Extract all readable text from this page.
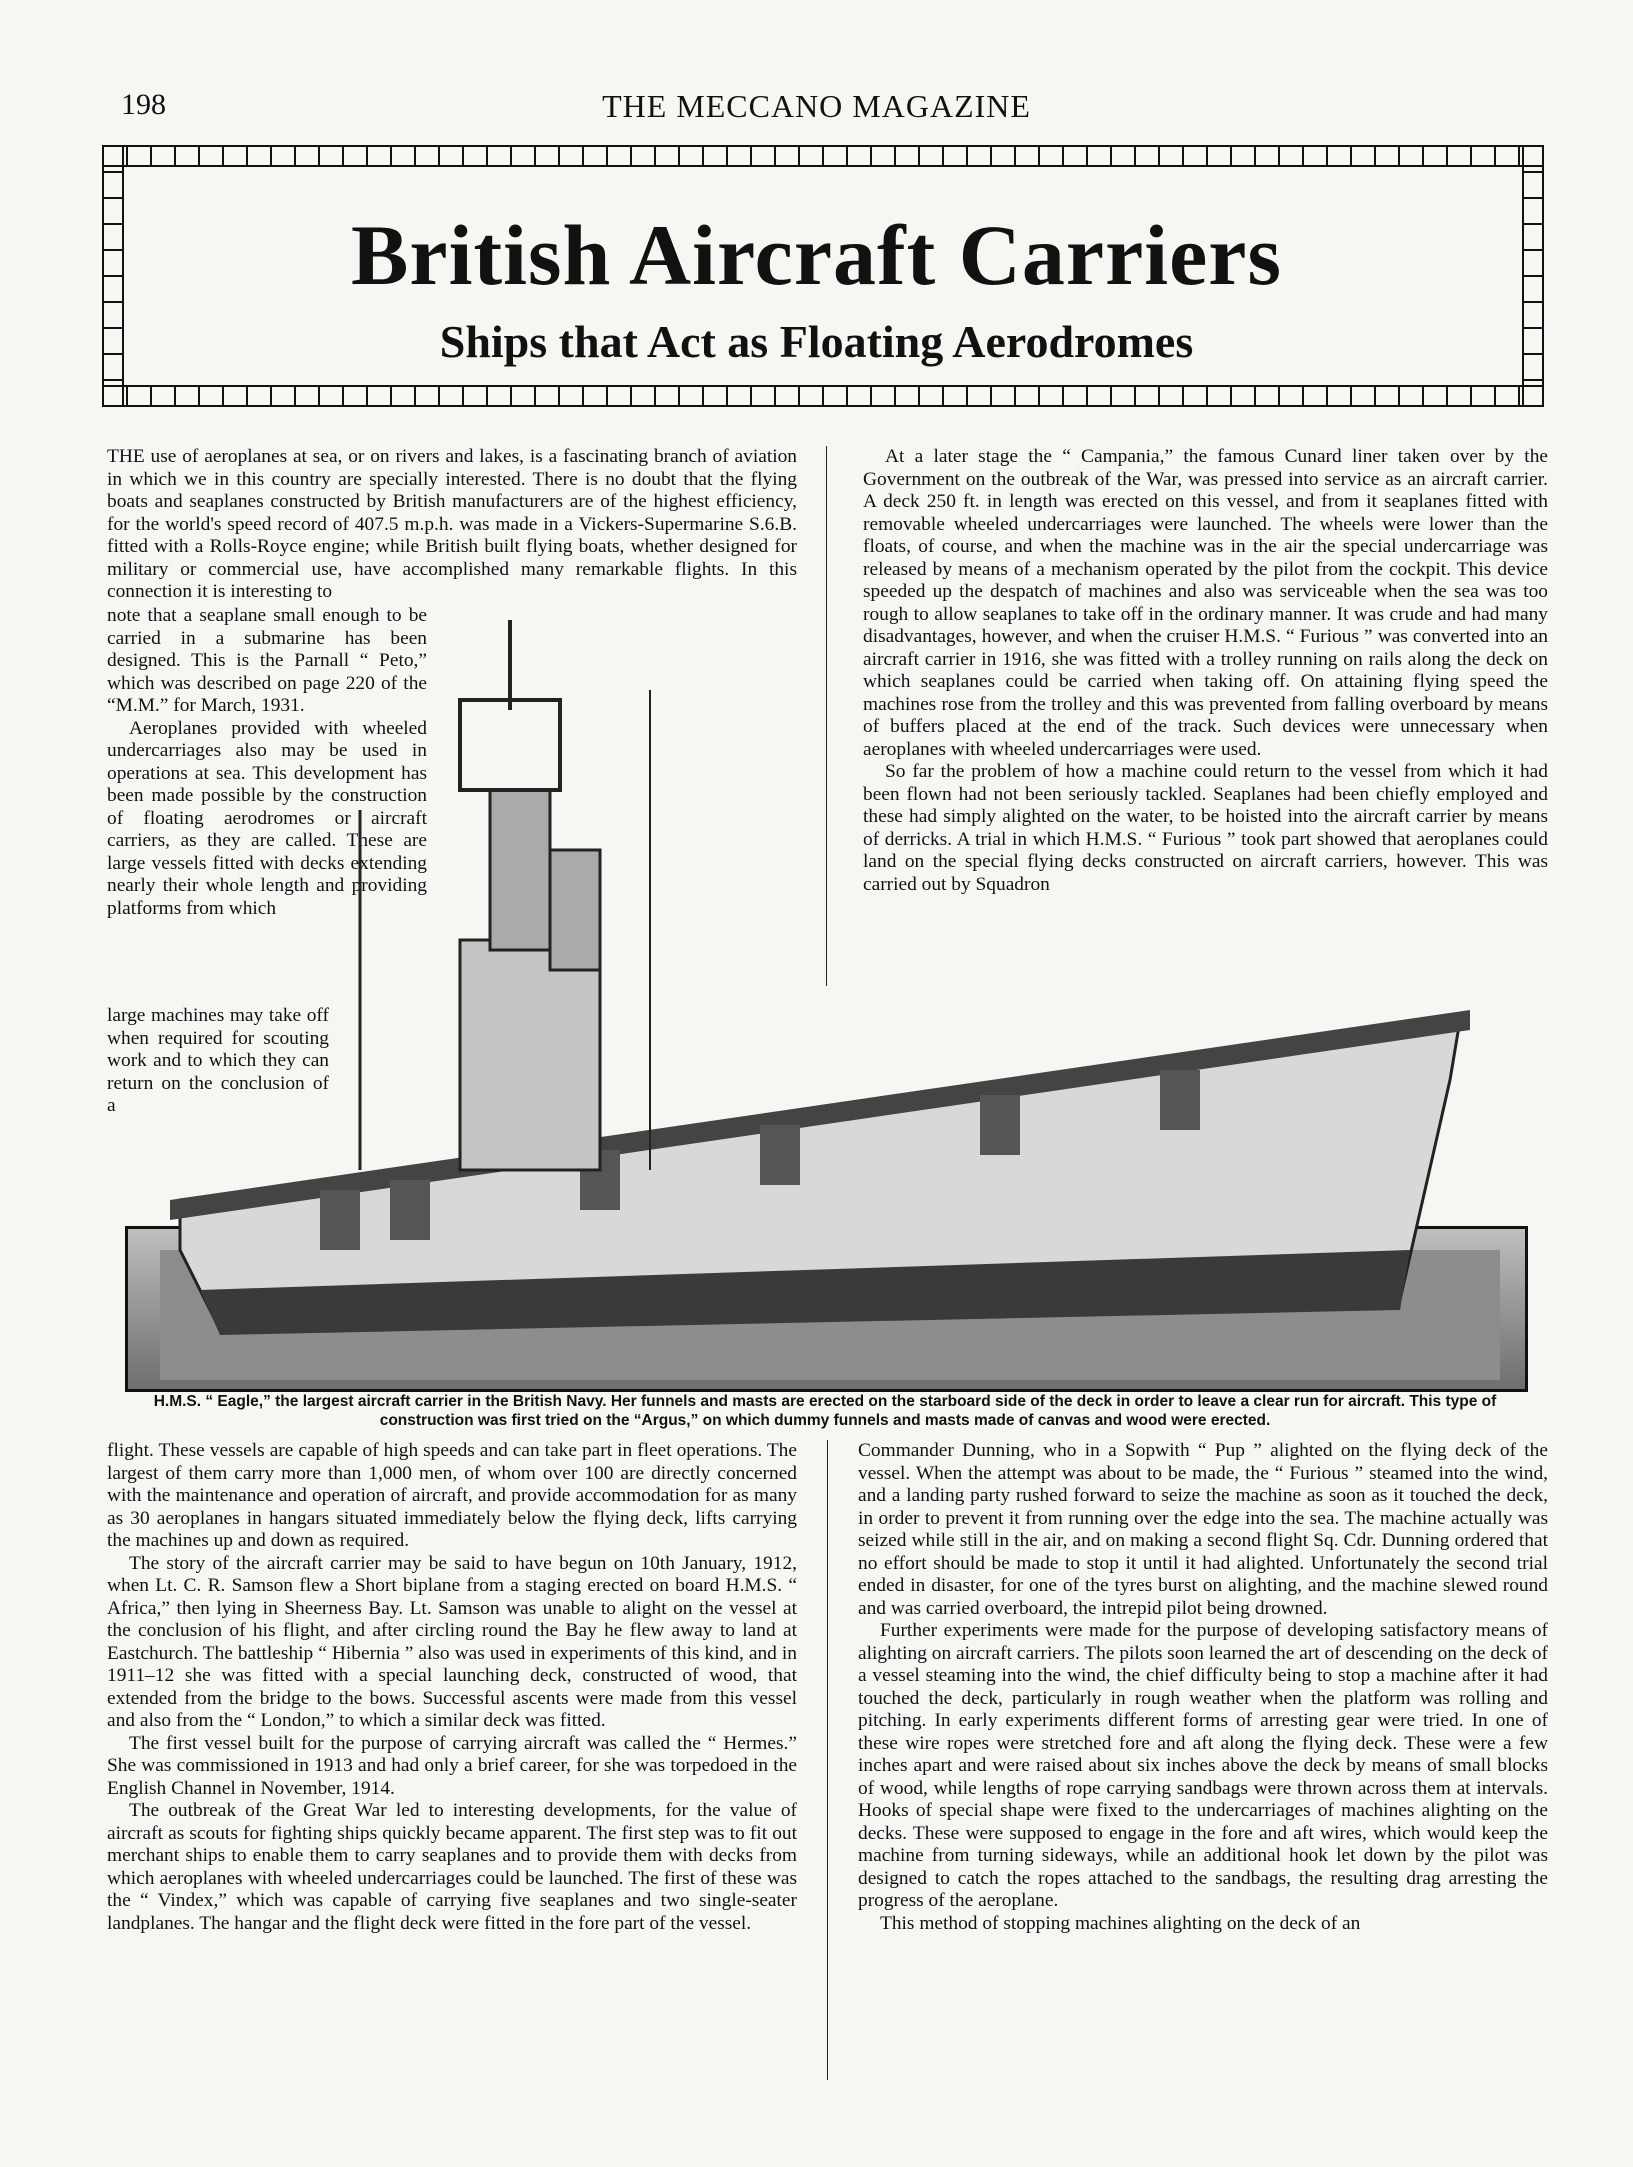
198	THE MECCANO MAGAZINE
British Aircraft Carriers
Ships that Act as Floating Aerodromes

THE use of aeroplanes at sea, or on rivers and lakes, is a fascinating branch of aviation in which we in this country are specially interested. There is no doubt that the flying boats and seaplanes constructed by British manufacturers are of the highest efficiency, for the world's speed record of 407.5 m.p.h. was made in a Vickers-Supermarine S.6.B. fitted with a Rolls-Royce engine; while British built flying boats, whether designed for military or commercial use, have accomplished many remarkable flights. In this connection it is interesting to

note that a seaplane small enough to be carried in a submarine has been designed. This is the Parnall “ Peto,” which was described on page 220 of the “M.M.” for March, 1931.

Aeroplanes provided with wheeled undercarriages also may be used in operations at sea. This development has been made possible by the construction of floating aerodromes or aircraft carriers, as they are called. These are large vessels fitted with decks extending nearly their whole length and providing platforms from which

large machines may take off when required for scouting work and to which they can return on the conclusion of a

At a later stage the “ Campania,” the famous Cunard liner taken over by the Government on the outbreak of the War, was pressed into service as an aircraft carrier. A deck 250 ft. in length was erected on this vessel, and from it seaplanes fitted with removable wheeled undercarriages were launched. The wheels were lower than the floats, of course, and when the machine was in the air the special undercarriage was released by means of a mechanism operated by the pilot from the cockpit. This device speeded up the despatch of machines and also was serviceable when the sea was too rough to allow seaplanes to take off in the ordinary manner. It was crude and had many disadvantages, however, and when the cruiser H.M.S. “ Furious ” was converted into an aircraft carrier in 1916, she was fitted with a trolley running on rails along the deck on which seaplanes could be carried when taking off. On attaining flying speed the machines rose from the trolley and this was prevented from falling overboard by means of buffers placed at the end of the track. Such devices were unnecessary when aeroplanes with wheeled undercarriages were used.

So far the problem of how a machine could return to the vessel from which it had been flown had not been seriously tackled. Seaplanes had been chiefly employed and these had simply alighted on the water, to be hoisted into the aircraft carrier by means of derricks. A trial in which H.M.S. “ Furious ” took part showed that aeroplanes could land on the special flying decks constructed on aircraft carriers, however. This was carried out by Squadron

H.M.S. “ Eagle,” the largest aircraft carrier in the British Navy. Her funnels and masts are erected on the starboard side of the deck in order to leave a clear run for aircraft. This type of construction was first tried on the “Argus,” on which dummy funnels and masts made of canvas and wood were erected.

flight. These vessels are capable of high speeds and can take part in fleet operations. The largest of them carry more than 1,000 men, of whom over 100 are directly concerned with the maintenance and operation of aircraft, and provide accommodation for as many as 30 aeroplanes in hangars situated immediately below the flying deck, lifts carrying the machines up and down as required.

The story of the aircraft carrier may be said to have begun on 10th January, 1912, when Lt. C. R. Samson flew a Short biplane from a staging erected on board H.M.S. “ Africa,” then lying in Sheerness Bay. Lt. Samson was unable to alight on the vessel at the conclusion of his flight, and after circling round the Bay he flew away to land at Eastchurch. The battleship “ Hibernia ” also was used in experiments of this kind, and in 1911–12 she was fitted with a special launching deck, constructed of wood, that extended from the bridge to the bows. Successful ascents were made from this vessel and also from the “ London,” to which a similar deck was fitted.

The first vessel built for the purpose of carrying aircraft was called the “ Hermes.” She was commissioned in 1913 and had only a brief career, for she was torpedoed in the English Channel in November, 1914.

The outbreak of the Great War led to interesting developments, for the value of aircraft as scouts for fighting ships quickly became apparent. The first step was to fit out merchant ships to enable them to carry seaplanes and to provide them with decks from which aeroplanes with wheeled undercarriages could be launched. The first of these was the “ Vindex,” which was capable of carrying five seaplanes and two single-seater landplanes. The hangar and the flight deck were fitted in the fore part of the vessel.

Commander Dunning, who in a Sopwith “ Pup ” alighted on the flying deck of the vessel. When the attempt was about to be made, the “ Furious ” steamed into the wind, and a landing party rushed forward to seize the machine as soon as it touched the deck, in order to prevent it from running over the edge into the sea. The machine actually was seized while still in the air, and on making a second flight Sq. Cdr. Dunning ordered that no effort should be made to stop it until it had alighted. Unfortunately the second trial ended in disaster, for one of the tyres burst on alighting, and the machine slewed round and was carried overboard, the intrepid pilot being drowned.

Further experiments were made for the purpose of developing satisfactory means of alighting on aircraft carriers. The pilots soon learned the art of descending on the deck of a vessel steaming into the wind, the chief difficulty being to stop a machine after it had touched the deck, particularly in rough weather when the platform was rolling and pitching. In early experiments different forms of arresting gear were tried. In one of these wire ropes were stretched fore and aft along the flying deck. These were a few inches apart and were raised about six inches above the deck by means of small blocks of wood, while lengths of rope carrying sandbags were thrown across them at intervals. Hooks of special shape were fixed to the undercarriages of machines alighting on the decks. These were supposed to engage in the fore and aft wires, which would keep the machine from turning sideways, while an additional hook let down by the pilot was designed to catch the ropes attached to the sandbags, the resulting drag arresting the progress of the aeroplane.

This method of stopping machines alighting on the deck of an
